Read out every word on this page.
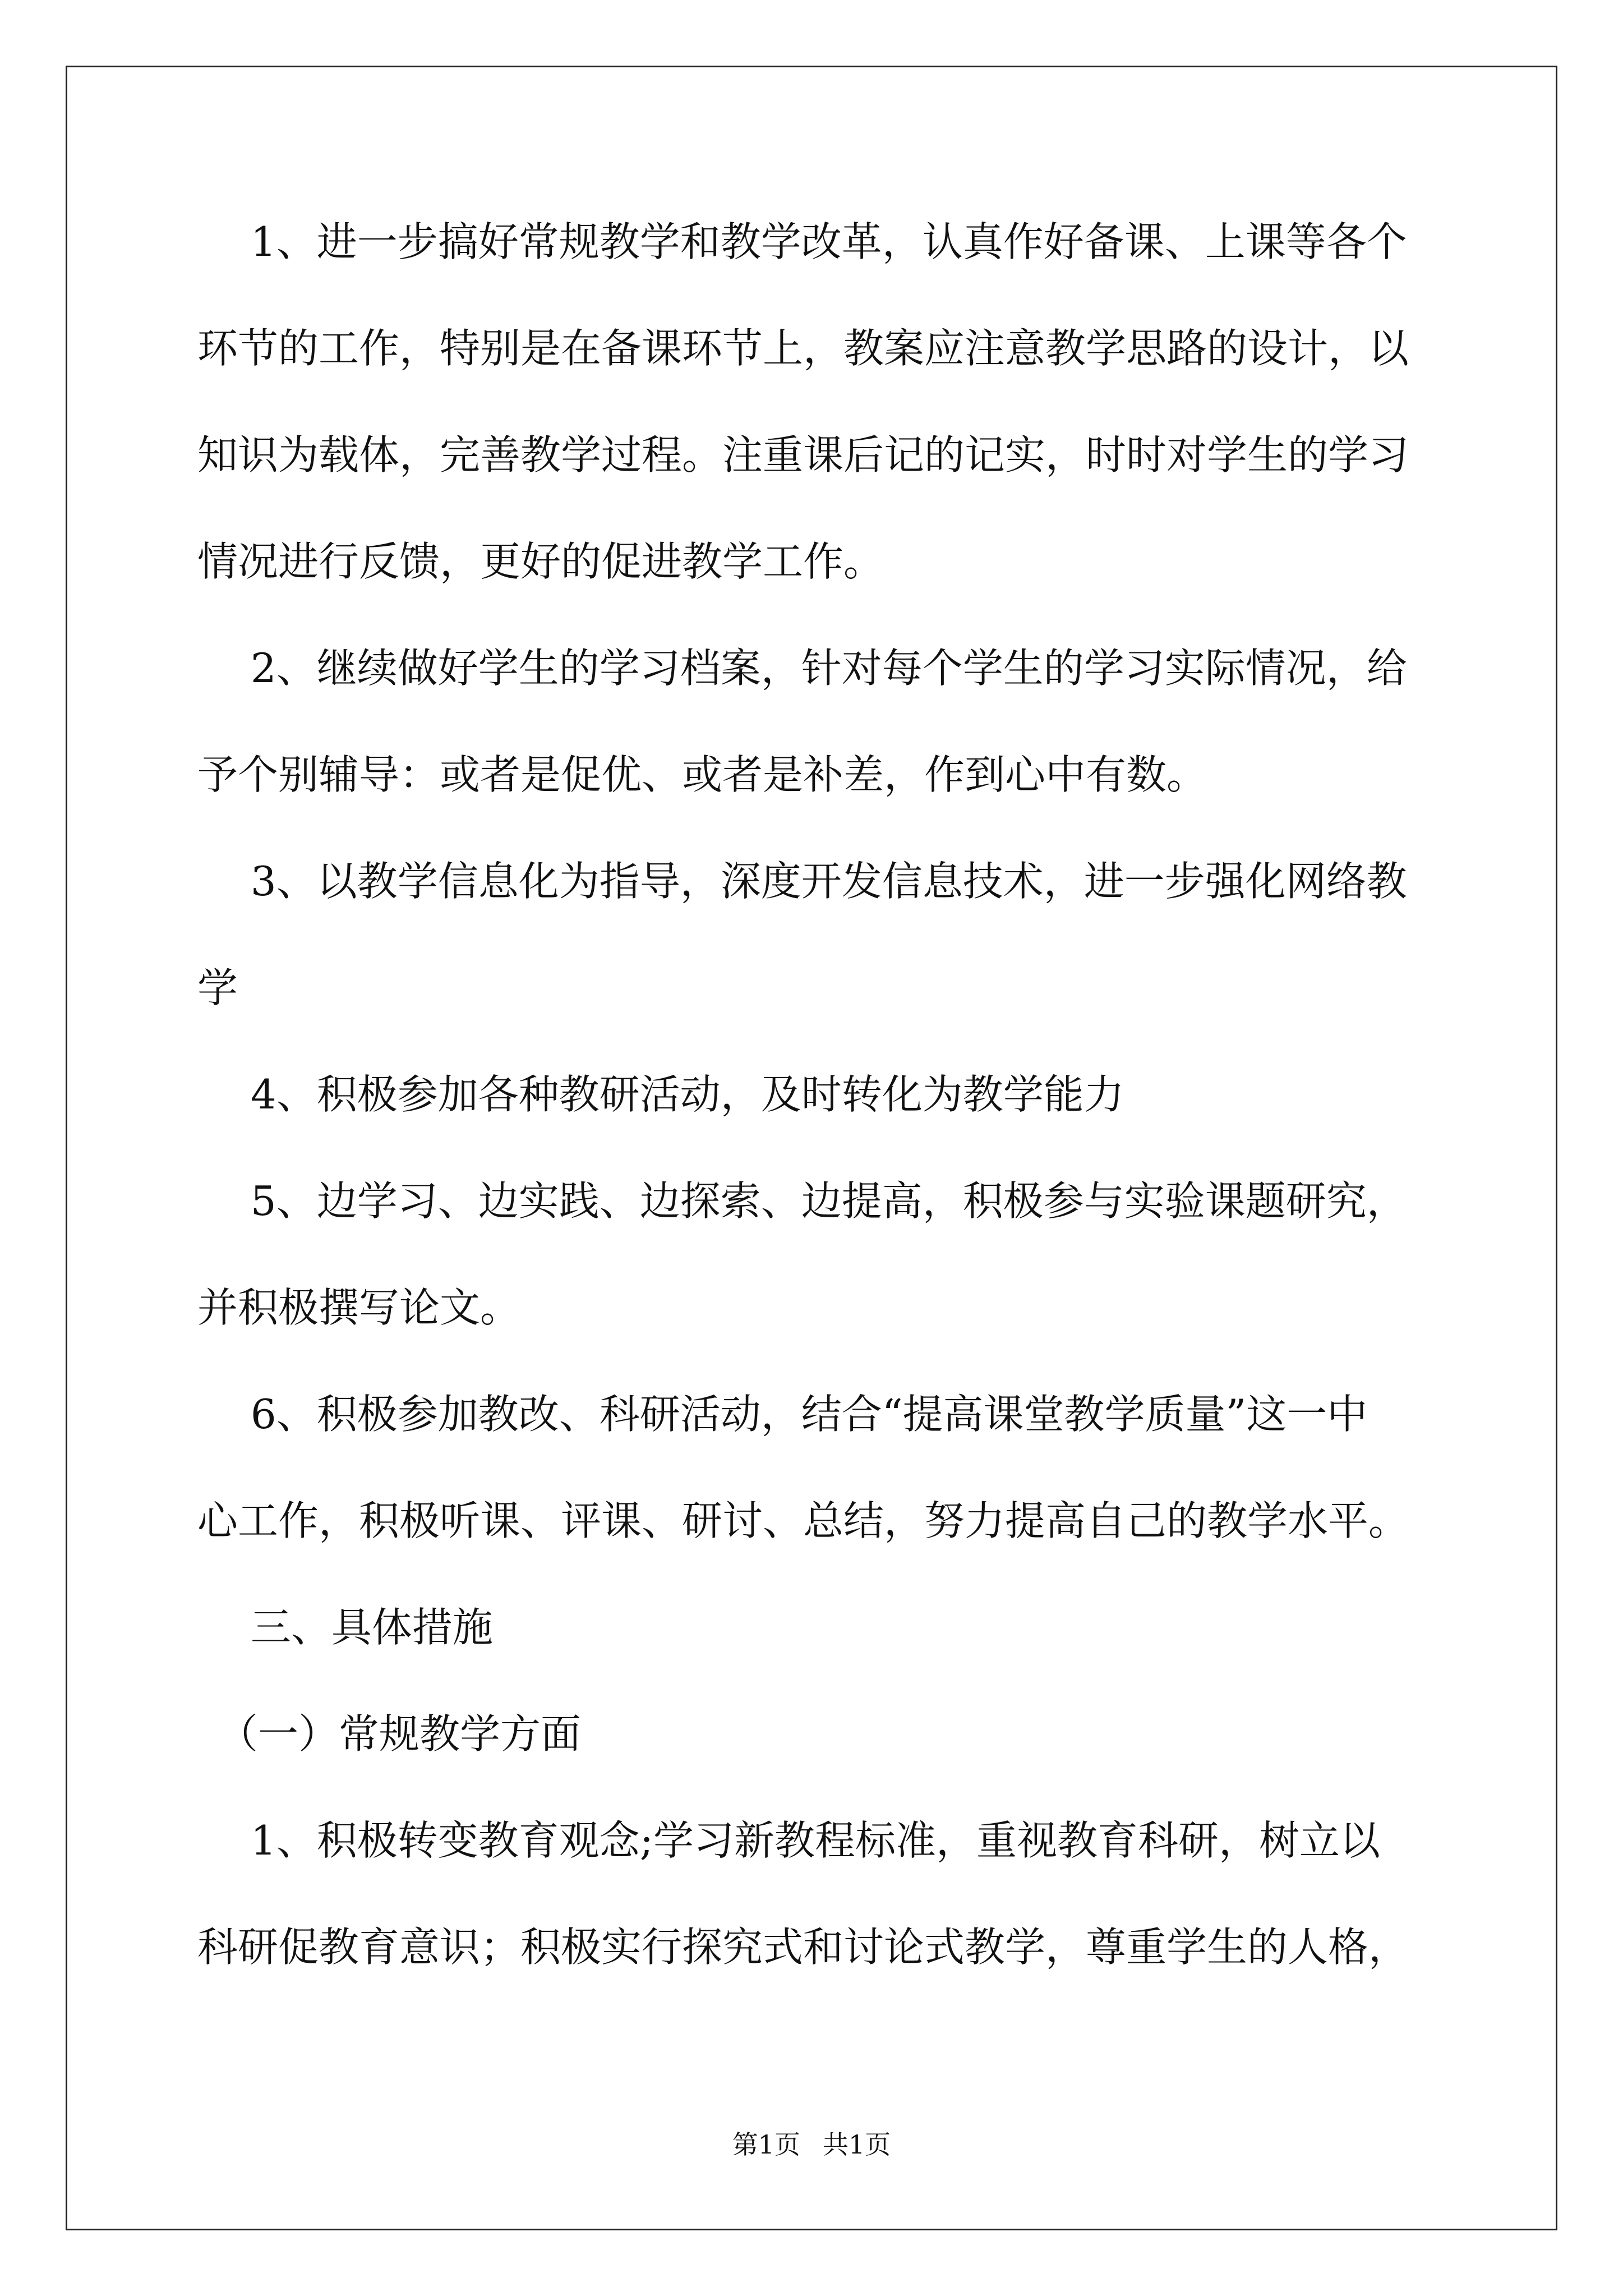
　 1、进一步搞好常规教学和教学改革，认真作好备课、上课等各个
环节的工作，特别是在备课环节上，教案应注意教学思路的设计，以
知识为载体，完善教学过程。注重课后记的记实，时时对学生的学习
情况进行反馈，更好的促进教学工作。
　 2、继续做好学生的学习档案，针对每个学生的学习实际情况，给
予个别辅导：或者是促优、或者是补差，作到心中有数。
　 3、以教学信息化为指导，深度开发信息技术，进一步强化网络教
学
　 4、积极参加各种教研活动，及时转化为教学能力
　 5、边学习、边实践、边探索、边提高，积极参与实验课题研究，
并积极撰写论文。
　 6、积极参加教改、科研活动，结合“提高课堂教学质量”这一中
心工作，积极听课、评课、研讨、总结，努力提高自己的教学水平。
　 三、具体措施
　（一）常规教学方面
　 1、积极转变教育观念;学习新教程标准，重视教育科研，树立以
科研促教育意识；积极实行探究式和讨论式教学，尊重学生的人格，
第1页 共1页
